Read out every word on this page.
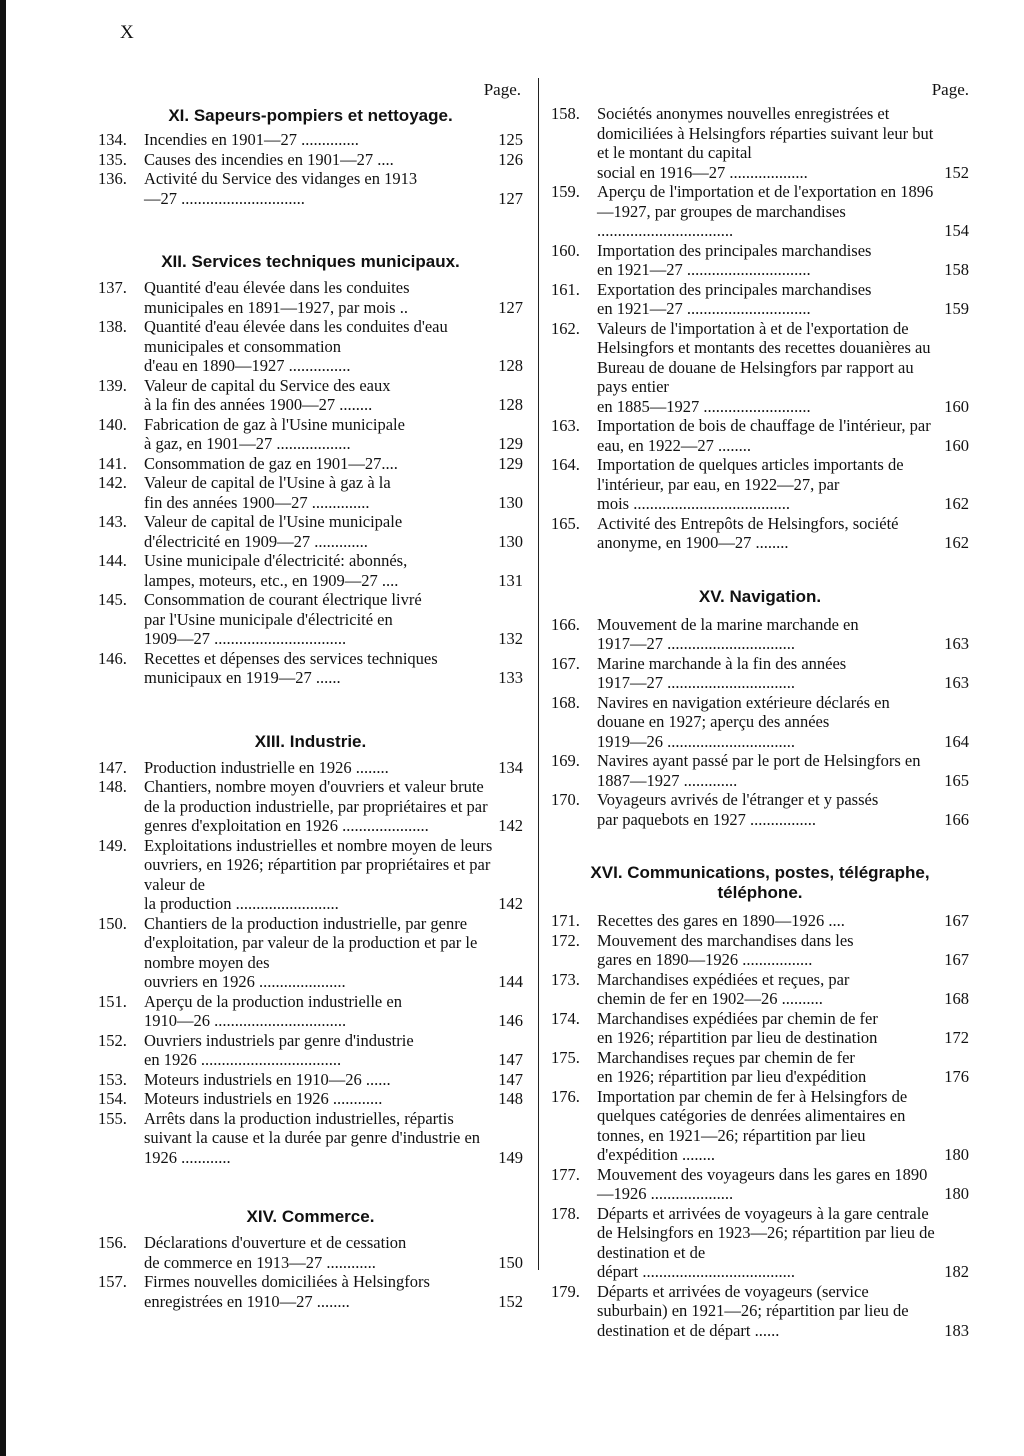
X
Page.
XI. Sapeurs-pompiers et nettoyage.
134.	Incendies en 1901—27 ..............	125
135.	Causes des incendies en 1901—27 ....	126
136.	Activité du Service des vidanges en 1913
—27 ..............................	127
XII. Services techniques municipaux.
137.	Quantité d'eau élevée dans les conduites
municipales en 1891—1927, par mois ..	127
138.	Quantité d'eau élevée dans les conduites d'eau municipales et consommation
d'eau en 1890—1927 ...............	128
139.	Valeur de capital du Service des eaux
à la fin des années 1900—27 ........	128
140.	Fabrication de gaz à l'Usine municipale
à gaz, en 1901—27 ..................	129
141.	Consommation de gaz en 1901—27....	129
142.	Valeur de capital de l'Usine à gaz à la
fin des années 1900—27 ..............	130
143.	Valeur de capital de l'Usine municipale
d'électricité en 1909—27 .............	130
144.	Usine municipale d'électricité: abonnés,
lampes, moteurs, etc., en 1909—27 ....	131
145.	Consommation de courant électrique livré
par l'Usine municipale d'électricité en
1909—27 ................................	132
146.	Recettes et dépenses des services techniques municipaux en 1919—27 ......	133
XIII. Industrie.
147.	Production industrielle en 1926 ........	134
148.	Chantiers, nombre moyen d'ouvriers et valeur brute de la production industrielle, par propriétaires et par genres d'exploitation en 1926 .....................	142
149.	Exploitations industrielles et nombre moyen de leurs ouvriers, en 1926; répartition par propriétaires et par valeur de
la production .........................	142
150.	Chantiers de la production industrielle, par genre d'exploitation, par valeur de la production et par le nombre moyen des
ouvriers en 1926 .....................	144
151.	Aperçu de la production industrielle en
1910—26 ................................	146
152.	Ouvriers industriels par genre d'industrie
en 1926 ..................................	147
153.	Moteurs industriels en 1910—26 ......	147
154.	Moteurs industriels en 1926 ............	148
155.	Arrêts dans la production industrielles, répartis suivant la cause et la durée par genre d'industrie en 1926 ............	149
XIV. Commerce.
156.	Déclarations d'ouverture et de cessation
de commerce en 1913—27 ............	150
157.	Firmes nouvelles domiciliées à Helsingfors enregistrées en 1910—27 ........	152
Page.
158.	Sociétés anonymes nouvelles enregistrées et domiciliées à Helsingfors réparties suivant leur but et le montant du capital
social en 1916—27 ...................	152
159.	Aperçu de l'importation et de l'exportation en 1896—1927, par groupes de marchandises .................................	154
160.	Importation des principales marchandises
en 1921—27 ..............................	158
161.	Exportation des principales marchandises
en 1921—27 ..............................	159
162.	Valeurs de l'importation à et de l'exportation de Helsingfors et montants des recettes douanières au Bureau de douane de Helsingfors par rapport au pays entier
en 1885—1927 ..........................	160
163.	Importation de bois de chauffage de l'intérieur, par eau, en 1922—27 ........	160
164.	Importation de quelques articles importants de l'intérieur, par eau, en 1922—27, par
mois ......................................	162
165.	Activité des Entrepôts de Helsingfors, société anonyme, en 1900—27 ........	162
XV. Navigation.
166.	Mouvement de la marine marchande en
1917—27 ...............................	163
167.	Marine marchande à la fin des années
1917—27 ...............................	163
168.	Navires en navigation extérieure déclarés en douane en 1927; aperçu des années
1919—26 ...............................	164
169.	Navires ayant passé par le port de Helsingfors en 1887—1927 .............	165
170.	Voyageurs avrivés de l'étranger et y passés
par paquebots en 1927 ................	166
XVI. Communications, postes, télégraphe, téléphone.
171.	Recettes des gares en 1890—1926 ....	167
172.	Mouvement des marchandises dans les
gares en 1890—1926 .................	167
173.	Marchandises expédiées et reçues, par
chemin de fer en 1902—26 ..........	168
174.	Marchandises expédiées par chemin de fer
en 1926; répartition par lieu de destination	172
175.	Marchandises reçues par chemin de fer
en 1926; répartition par lieu d'expédition	176
176.	Importation par chemin de fer à Helsingfors de quelques catégories de denrées alimentaires en tonnes, en 1921—26; répartition par lieu d'expédition ........	180
177.	Mouvement des voyageurs dans les gares en 1890—1926 ....................	180
178.	Départs et arrivées de voyageurs à la gare centrale de Helsingfors en 1923—26; répartition par lieu de destination et de
départ .....................................	182
179.	Départs et arrivées de voyageurs (service suburbain) en 1921—26; répartition par lieu de destination et de départ ......	183
